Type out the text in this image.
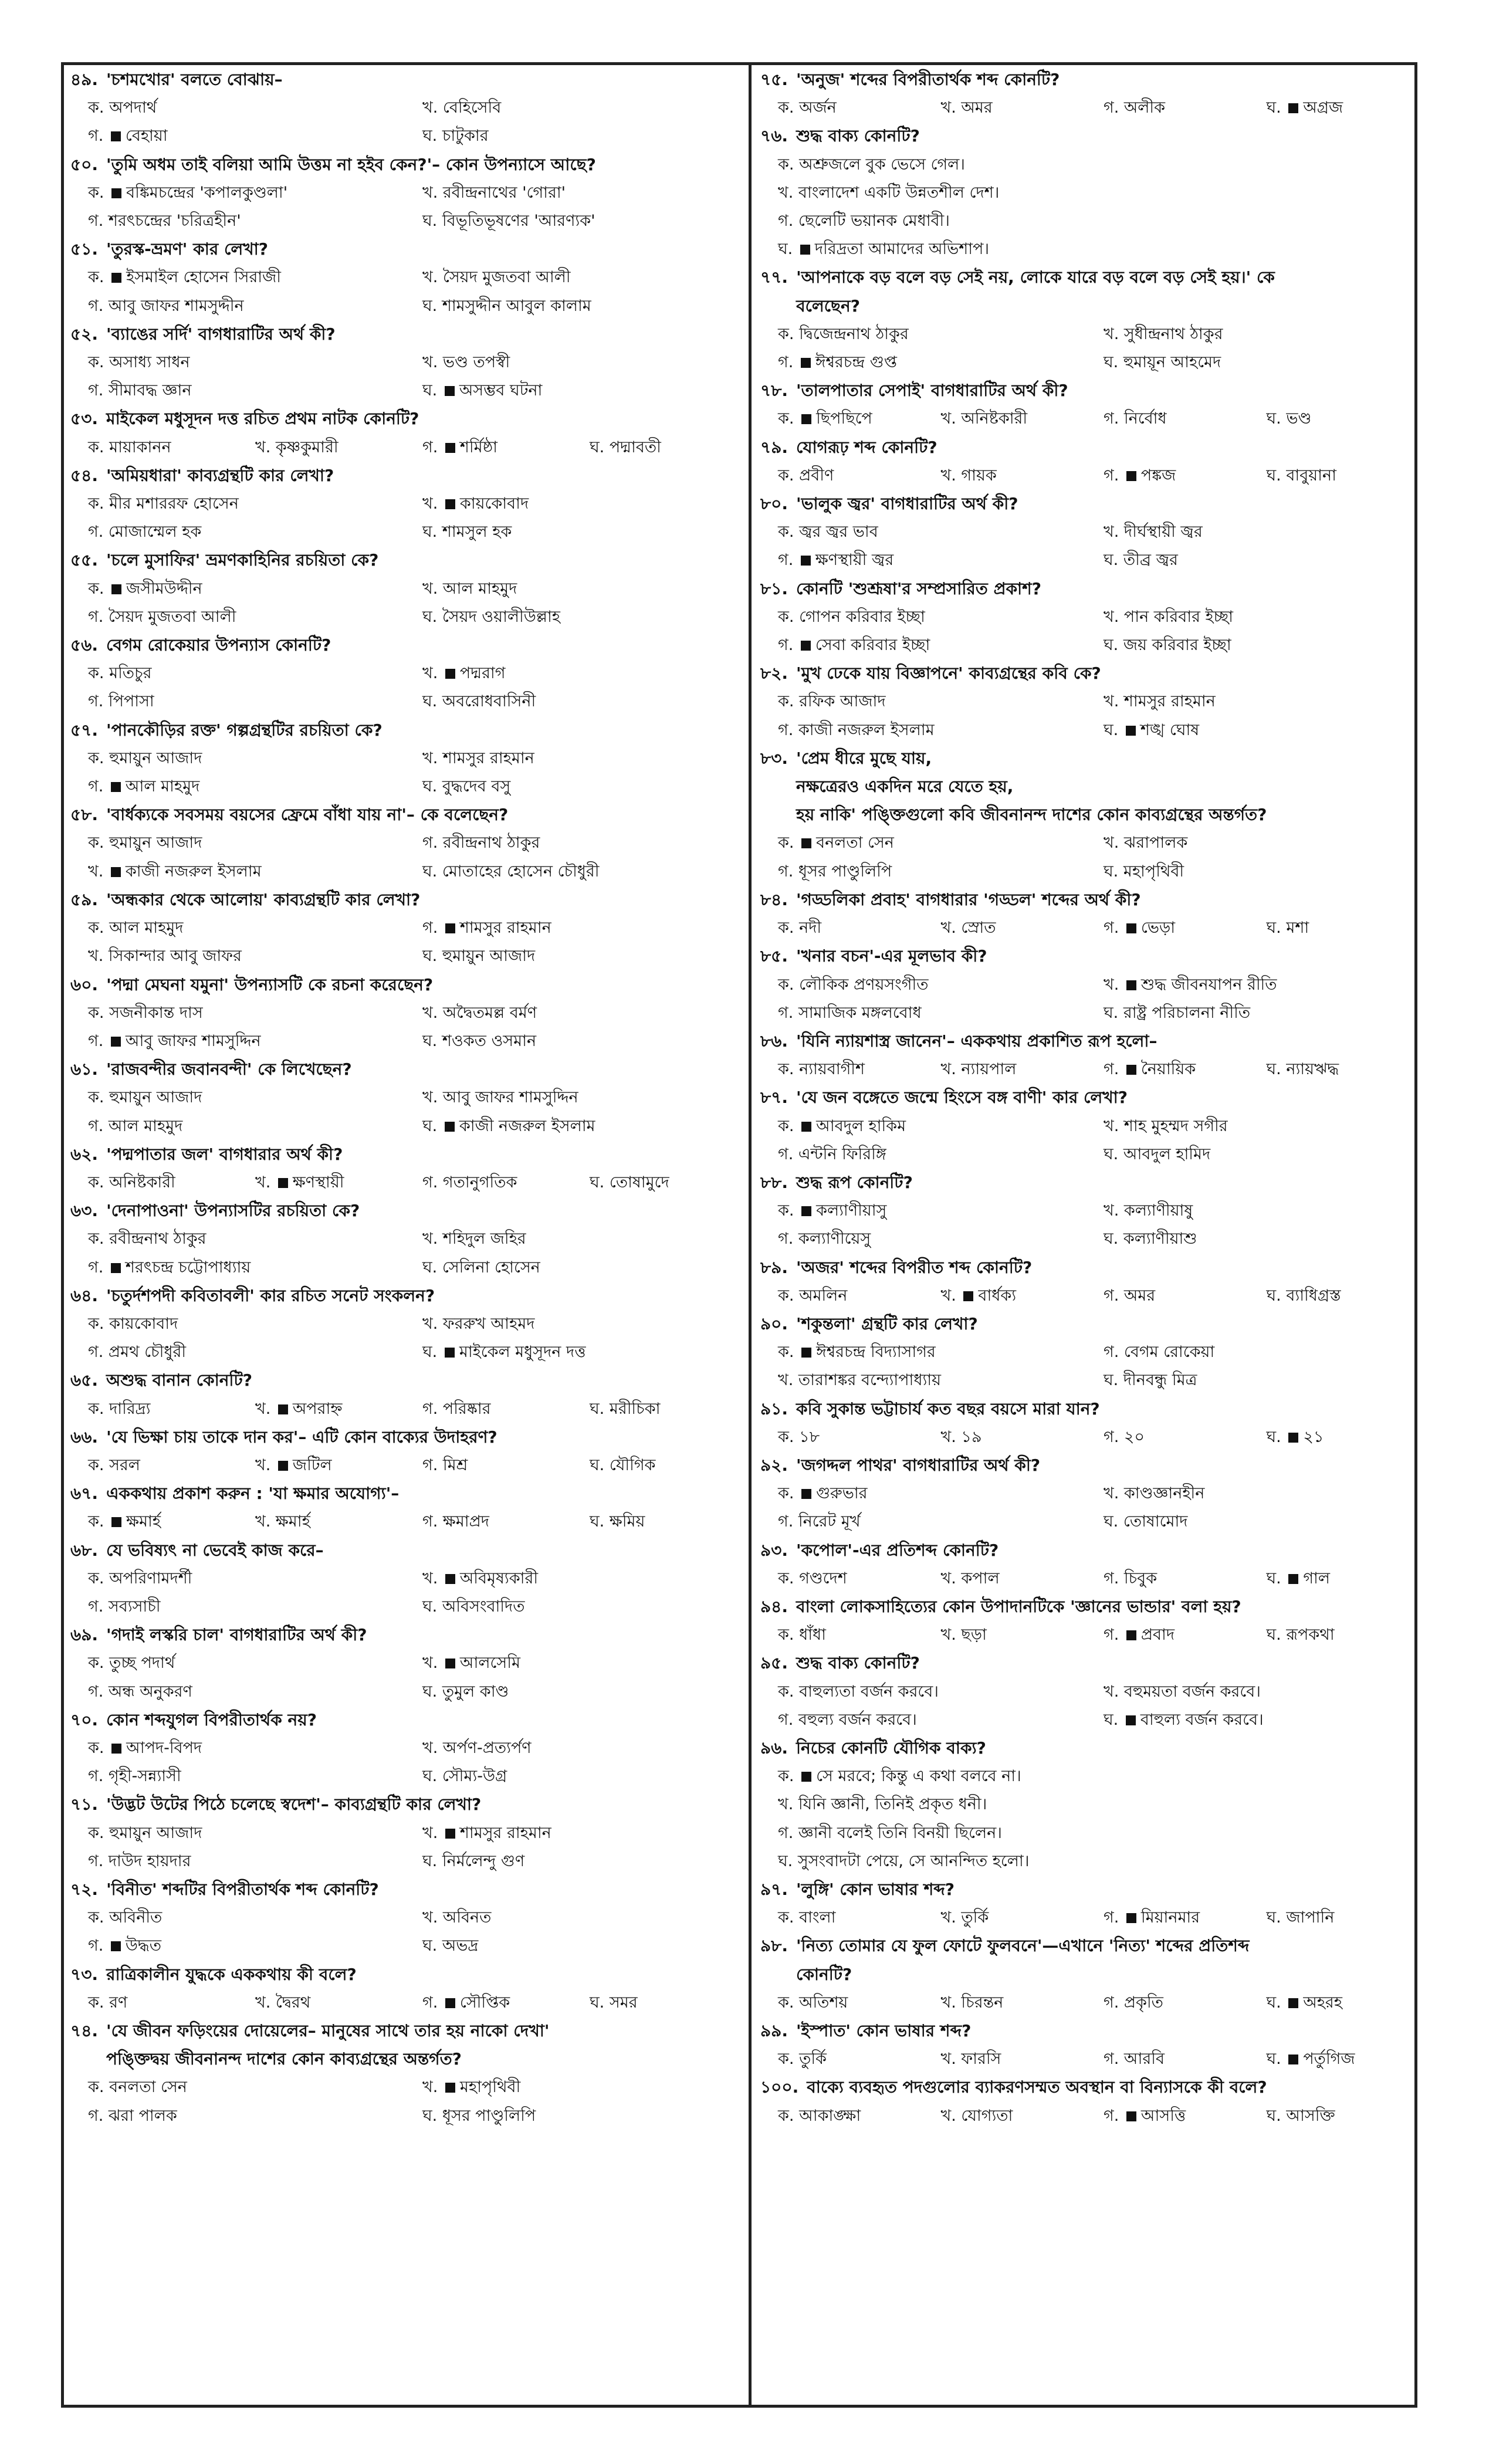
৪৯. 'চশমখোর' বলতে বোঝায়–
ক. অপদার্থ	খ. বেহিসেবি
গ. বেহায়া	ঘ. চাটুকার
৫০. 'তুমি অধম তাই বলিয়া আমি উত্তম না হইব কেন?'– কোন উপন্যাসে আছে?
ক. বঙ্কিমচন্দ্রের 'কপালকুণ্ডলা'	খ. রবীন্দ্রনাথের 'গোরা'
গ. শরৎচন্দ্রের 'চরিত্রহীন'	ঘ. বিভূতিভূষণের 'আরণ্যক'
৫১. 'তুরস্ক-ভ্রমণ' কার লেখা?
ক. ইসমাইল হোসেন সিরাজী	খ. সৈয়দ মুজতবা আলী
গ. আবু জাফর শামসুদ্দীন	ঘ. শামসুদ্দীন আবুল কালাম
৫২. 'ব্যাঙের সর্দি' বাগধারাটির অর্থ কী?
ক. অসাধ্য সাধন	খ. ভণ্ড তপস্বী
গ. সীমাবদ্ধ জ্ঞান	ঘ. অসম্ভব ঘটনা
৫৩. মাইকেল মধুসূদন দত্ত রচিত প্রথম নাটক কোনটি?
ক. মায়াকানন	খ. কৃষ্ণকুমারী	গ. শর্মিষ্ঠা	ঘ. পদ্মাবতী
৫৪. 'অমিয়ধারা' কাব্যগ্রন্থটি কার লেখা?
ক. মীর মশাররফ হোসেন	খ. কায়কোবাদ
গ. মোজাম্মেল হক	ঘ. শামসুল হক
৫৫. 'চলে মুসাফির' ভ্রমণকাহিনির রচয়িতা কে?
ক. জসীমউদ্দীন	খ. আল মাহমুদ
গ. সৈয়দ মুজতবা আলী	ঘ. সৈয়দ ওয়ালীউল্লাহ
৫৬. বেগম রোকেয়ার উপন্যাস কোনটি?
ক. মতিচুর	খ. পদ্মরাগ
গ. পিপাসা	ঘ. অবরোধবাসিনী
৫৭. 'পানকৌড়ির রক্ত' গল্পগ্রন্থটির রচয়িতা কে?
ক. হুমায়ুন আজাদ	খ. শামসুর রাহমান
গ. আল মাহমুদ	ঘ. বুদ্ধদেব বসু
৫৮. 'বার্ধক্যকে সবসময় বয়সের ফ্রেমে বাঁধা যায় না'– কে বলেছেন?
ক. হুমায়ুন আজাদ	গ. রবীন্দ্রনাথ ঠাকুর
খ. কাজী নজরুল ইসলাম	ঘ. মোতাহের হোসেন চৌধুরী
৫৯. 'অন্ধকার থেকে আলোয়' কাব্যগ্রন্থটি কার লেখা?
ক. আল মাহমুদ	গ. শামসুর রাহমান
খ. সিকান্দার আবু জাফর	ঘ. হুমায়ুন আজাদ
৬০. 'পদ্মা মেঘনা যমুনা' উপন্যাসটি কে রচনা করেছেন?
ক. সজনীকান্ত দাস	খ. অদ্বৈতমল্ল বর্মণ
গ. আবু জাফর শামসুদ্দিন	ঘ. শওকত ওসমান
৬১. 'রাজবন্দীর জবানবন্দী' কে লিখেছেন?
ক. হুমায়ুন আজাদ	খ. আবু জাফর শামসুদ্দিন
গ. আল মাহমুদ	ঘ. কাজী নজরুল ইসলাম
৬২. 'পদ্মপাতার জল' বাগধারার অর্থ কী?
ক. অনিষ্টকারী	খ. ক্ষণস্থায়ী	গ. গতানুগতিক	ঘ. তোষামুদে
৬৩. 'দেনাপাওনা' উপন্যাসটির রচয়িতা কে?
ক. রবীন্দ্রনাথ ঠাকুর	খ. শহিদুল জহির
গ. শরৎচন্দ্র চট্টোপাধ্যায়	ঘ. সেলিনা হোসেন
৬৪. 'চতুর্দশপদী কবিতাবলী' কার রচিত সনেট সংকলন?
ক. কায়কোবাদ	খ. ফররুখ আহমদ
গ. প্রমথ চৌধুরী	ঘ. মাইকেল মধুসূদন দত্ত
৬৫. অশুদ্ধ বানান কোনটি?
ক. দারিদ্র্য	খ. অপরাহ্ন	গ. পরিষ্কার	ঘ. মরীচিকা
৬৬. 'যে ভিক্ষা চায় তাকে দান কর'– এটি কোন বাক্যের উদাহরণ?
ক. সরল	খ. জটিল	গ. মিশ্র	ঘ. যৌগিক
৬৭. এককথায় প্রকাশ করুন : 'যা ক্ষমার অযোগ্য'–
ক. ক্ষমার্হ	খ. ক্ষমার্হ	গ. ক্ষমাপ্রদ	ঘ. ক্ষমিয়
৬৮. যে ভবিষ্যৎ না ভেবেই কাজ করে–
ক. অপরিণামদর্শী	খ. অবিমৃষ্যকারী
গ. সব্যসাচী	ঘ. অবিসংবাদিত
৬৯. 'গদাই লস্করি চাল' বাগধারাটির অর্থ কী?
ক. তুচ্ছ পদার্থ	খ. আলসেমি
গ. অন্ধ অনুকরণ	ঘ. তুমুল কাণ্ড
৭০. কোন শব্দযুগল বিপরীতার্থক নয়?
ক. আপদ-বিপদ	খ. অর্পণ-প্রত্যর্পণ
গ. গৃহী-সন্ন্যাসী	ঘ. সৌম্য-উগ্র
৭১. 'উদ্ভট উটের পিঠে চলেছে স্বদেশ'– কাব্যগ্রন্থটি কার লেখা?
ক. হুমায়ুন আজাদ	খ. শামসুর রাহমান
গ. দাউদ হায়দার	ঘ. নির্মলেন্দু গুণ
৭২. 'বিনীত' শব্দটির বিপরীতার্থক শব্দ কোনটি?
ক. অবিনীত	খ. অবিনত
গ. উদ্ধত	ঘ. অভদ্র
৭৩. রাত্রিকালীন যুদ্ধকে এককথায় কী বলে?
ক. রণ	খ. দ্বৈরথ	গ. সৌপ্তিক	ঘ. সমর
৭৪. 'যে জীবন ফড়িংয়ের দোয়েলের– মানুষের সাথে তার হয় নাকো দেখা'
পঙ্ক্তিদ্বয় জীবনানন্দ দাশের কোন কাব্যগ্রন্থের অন্তর্গত?
ক. বনলতা সেন	খ. মহাপৃথিবী
গ. ঝরা পালক	ঘ. ধূসর পাণ্ডুলিপি
৭৫. 'অনুজ' শব্দের বিপরীতার্থক শব্দ কোনটি?
ক. অর্জন	খ. অমর	গ. অলীক	ঘ. অগ্রজ
৭৬. শুদ্ধ বাক্য কোনটি?
ক. অশ্রুজলে বুক ভেসে গেল।
খ. বাংলাদেশ একটি উন্নতশীল দেশ।
গ. ছেলেটি ভয়ানক মেধাবী।
ঘ. দরিদ্রতা আমাদের অভিশাপ।
৭৭. 'আপনাকে বড় বলে বড় সেই নয়, লোকে যারে বড় বলে বড় সেই হয়।' কে
বলেছেন?
ক. দ্বিজেন্দ্রনাথ ঠাকুর	খ. সুধীন্দ্রনাথ ঠাকুর
গ. ঈশ্বরচন্দ্র গুপ্ত	ঘ. হুমায়ূন আহমেদ
৭৮. 'তালপাতার সেপাই' বাগধারাটির অর্থ কী?
ক. ছিপছিপে	খ. অনিষ্টকারী	গ. নির্বোধ	ঘ. ভণ্ড
৭৯. যোগরূঢ় শব্দ কোনটি?
ক. প্রবীণ	খ. গায়ক	গ. পঙ্কজ	ঘ. বাবুয়ানা
৮০. 'ভালুক জ্বর' বাগধারাটির অর্থ কী?
ক. জ্বর জ্বর ভাব	খ. দীর্ঘস্থায়ী জ্বর
গ. ক্ষণস্থায়ী জ্বর	ঘ. তীব্র জ্বর
৮১. কোনটি 'শুশ্রূষা'র সম্প্রসারিত প্রকাশ?
ক. গোপন করিবার ইচ্ছা	খ. পান করিবার ইচ্ছা
গ. সেবা করিবার ইচ্ছা	ঘ. জয় করিবার ইচ্ছা
৮২. 'মুখ ঢেকে যায় বিজ্ঞাপনে' কাব্যগ্রন্থের কবি কে?
ক. রফিক আজাদ	খ. শামসুর রাহমান
গ. কাজী নজরুল ইসলাম	ঘ. শঙ্খ ঘোষ
৮৩. 'প্রেম ধীরে মুছে যায়,
নক্ষত্রেরও একদিন মরে যেতে হয়,
হয় নাকি' পঙ্ক্তিগুলো কবি জীবনানন্দ দাশের কোন কাব্যগ্রন্থের অন্তর্গত?
ক. বনলতা সেন	খ. ঝরাপালক
গ. ধূসর পাণ্ডুলিপি	ঘ. মহাপৃথিবী
৮৪. 'গড্ডলিকা প্রবাহ' বাগধারার 'গড্ডল' শব্দের অর্থ কী?
ক. নদী	খ. স্রোত	গ. ভেড়া	ঘ. মশা
৮৫. 'খনার বচন'-এর মূলভাব কী?
ক. লৌকিক প্রণয়সংগীত	খ. শুদ্ধ জীবনযাপন রীতি
গ. সামাজিক মঙ্গলবোধ	ঘ. রাষ্ট্র পরিচালনা নীতি
৮৬. 'যিনি ন্যায়শাস্ত্র জানেন'– এককথায় প্রকাশিত রূপ হলো–
ক. ন্যায়বাগীশ	খ. ন্যায়পাল	গ. নৈয়ায়িক	ঘ. ন্যায়ঋদ্ধ
৮৭. 'যে জন বঙ্গেতে জন্মে হিংসে বঙ্গ বাণী' কার লেখা?
ক. আবদুল হাকিম	খ. শাহ মুহম্মদ সগীর
গ. এন্টনি ফিরিঙ্গি	ঘ. আবদুল হামিদ
৮৮. শুদ্ধ রূপ কোনটি?
ক. কল্যাণীয়াসু	খ. কল্যাণীয়াষু
গ. কল্যাণীয়েসু	ঘ. কল্যাণীয়াশু
৮৯. 'অজর' শব্দের বিপরীত শব্দ কোনটি?
ক. অমলিন	খ. বার্ধক্য	গ. অমর	ঘ. ব্যাধিগ্রস্ত
৯০. 'শকুন্তলা' গ্রন্থটি কার লেখা?
ক. ঈশ্বরচন্দ্র বিদ্যাসাগর	গ. বেগম রোকেয়া
খ. তারাশঙ্কর বন্দ্যোপাধ্যায়	ঘ. দীনবন্ধু মিত্র
৯১. কবি সুকান্ত ভট্টাচার্য কত বছর বয়সে মারা যান?
ক. ১৮	খ. ১৯	গ. ২০	ঘ. ২১
৯২. 'জগদ্দল পাথর' বাগধারাটির অর্থ কী?
ক. গুরুভার	খ. কাণ্ডজ্ঞানহীন
গ. নিরেট মূর্খ	ঘ. তোষামোদ
৯৩. 'কপোল'-এর প্রতিশব্দ কোনটি?
ক. গণ্ডদেশ	খ. কপাল	গ. চিবুক	ঘ. গাল
৯৪. বাংলা লোকসাহিত্যের কোন উপাদানটিকে 'জ্ঞানের ভান্ডার' বলা হয়?
ক. ধাঁধা	খ. ছড়া	গ. প্রবাদ	ঘ. রূপকথা
৯৫. শুদ্ধ বাক্য কোনটি?
ক. বাহুল্যতা বর্জন করবে।	খ. বহুময়তা বর্জন করবে।
গ. বহুল্য বর্জন করবে।	ঘ. বাহুল্য বর্জন করবে।
৯৬. নিচের কোনটি যৌগিক বাক্য?
ক. সে মরবে; কিন্তু এ কথা বলবে না।
খ. যিনি জ্ঞানী, তিনিই প্রকৃত ধনী।
গ. জ্ঞানী বলেই তিনি বিনয়ী ছিলেন।
ঘ. সুসংবাদটা পেয়ে, সে আনন্দিত হলো।
৯৭. 'লুঙ্গি' কোন ভাষার শব্দ?
ক. বাংলা	খ. তুর্কি	গ. মিয়ানমার	ঘ. জাপানি
৯৮. 'নিত্য তোমার যে ফুল ফোটে ফুলবনে'—এখানে 'নিত্য' শব্দের প্রতিশব্দ
কোনটি?
ক. অতিশয়	খ. চিরন্তন	গ. প্রকৃতি	ঘ. অহরহ
৯৯. 'ইস্পাত' কোন ভাষার শব্দ?
ক. তুর্কি	খ. ফারসি	গ. আরবি	ঘ. পর্তুগিজ
১০০. বাক্যে ব্যবহৃত পদগুলোর ব্যাকরণসম্মত অবস্থান বা বিন্যাসকে কী বলে?
ক. আকাঙ্ক্ষা	খ. যোগ্যতা	গ. আসত্তি	ঘ. আসক্তি
